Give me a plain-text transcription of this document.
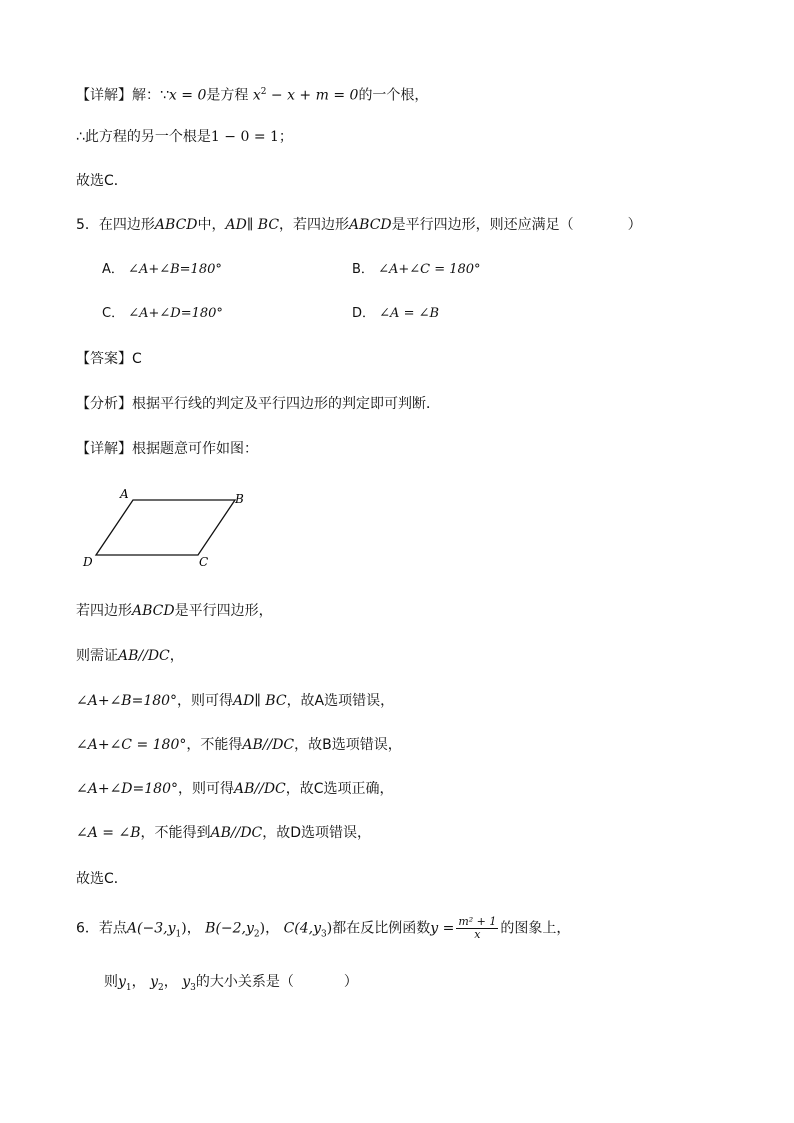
【详解】解：∵x = 0是方程 $x^2 - x + m = 0$的一个根，
∴此方程的另一个根是1 − 0 = 1；
故选C．
5．在四边形ABCD中，AD∥ BC，若四边形ABCD是平行四边形，则还应满足（	）
A． ∠A+∠B=180°	B． ∠A+∠C = 180°
C． ∠A+∠D=180°	D． ∠A = ∠B
【答案】C
【分析】根据平行线的判定及平行四边形的判定即可判断．
【详解】根据题意可作如图：
A	B
C
D
若四边形ABCD是平行四边形，
则需证AB//DC，
∠A+∠B=180°，则可得AD∥ BC，故A选项错误，
∠A+∠C = 180°，不能得AB//DC，故B选项错误，
∠A+∠D=180°，则可得AB//DC，故C选项正确，
∠A = ∠B，不能得到AB//DC，故D选项错误，
故选C．
6．若点$A(-3,y_1)$， $B(-2,y_2)$， $C(4,y_3)$都在反比例函数$y = \frac{\text{m² + 1}}{x}$ 的图象上，
则$y_1$， $y_2$， $y_3$的大小关系是（	）
